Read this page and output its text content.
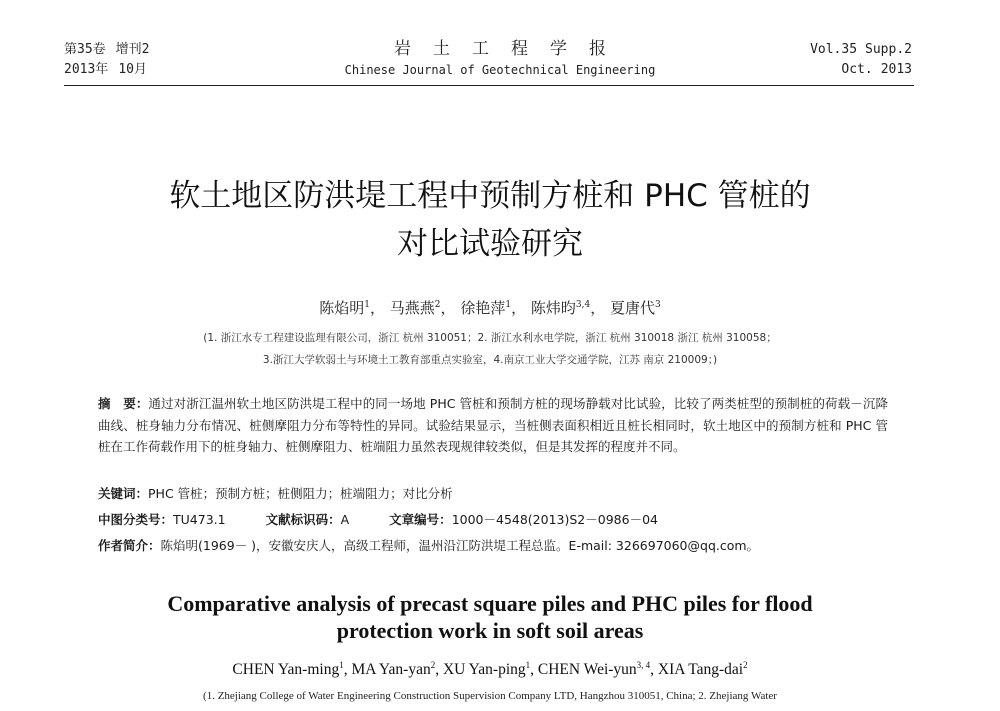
第35卷 增刊2
2013年 10月
岩土工程学报
Chinese Journal of Geotechnical Engineering
Vol.35 Supp.2
Oct. 2013
软土地区防洪堤工程中预制方桩和 PHC 管桩的
对比试验研究
陈焰明$^1$， 马燕燕$^2$， 徐艳萍$^1$， 陈炜昀$^{3,4}$， 夏唐代$^3$
(1. 浙江水专工程建设监理有限公司，浙江 杭州 310051；2. 浙江水利水电学院，浙江 杭州 310018 浙江 杭州 310058；
3.浙江大学软弱土与环境土工教育部重点实验室，4.南京工业大学交通学院，江苏 南京 210009；)
摘　要：通过对浙江温州软土地区防洪堤工程中的同一场地 PHC 管桩和预制方桩的现场静载对比试验，比较了两类桩型的预制桩的荷载－沉降曲线、桩身轴力分布情况、桩侧摩阻力分布等特性的异同。试验结果显示，当桩侧表面积相近且桩长相同时，软土地区中的预制方桩和 PHC 管桩在工作荷载作用下的桩身轴力、桩侧摩阻力、桩端阻力虽然表现规律较类似，但是其发挥的程度并不同。
关键词：PHC 管桩；预制方桩；桩侧阻力；桩端阻力；对比分析
中图分类号：TU473.1	文献标识码：A	文章编号：1000－4548(2013)S2－0986－04
作者简介：陈焰明(1969－ )，安徽安庆人，高级工程师，温州沿江防洪堤工程总监。E-mail: 326697060@qq.com。
Comparative analysis of precast square piles and PHC piles for flood
protection work in soft soil areas
CHEN Yan-ming$^1$, MA Yan-yan$^2$, XU Yan-ping$^1$, CHEN Wei-yun$^{3, 4}$, XIA Tang-dai$^2$
(1. Zhejiang College of Water Engineering Construction Supervision Company LTD, Hangzhou 310051, China; 2. Zhejiang Water
